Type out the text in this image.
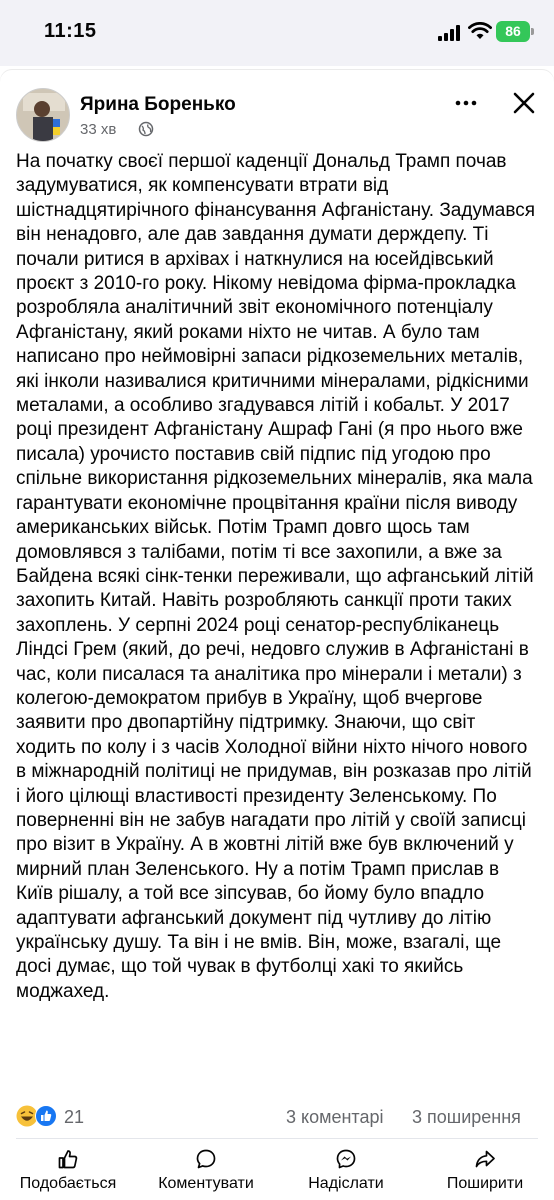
11:15	86
Ярина Боренько
33 хв

На початку своєї першої каденції Дональд Трамп почав задумуватися, як компенсувати втрати від шістнадцятирічного фінансування Афганістану. Задумався він ненадовго, але дав завдання думати держдепу. Ті почали ритися в архівах і наткнулися на юсейдівський проєкт з 2010-го року. Нікому невідома фірма-прокладка розробляла аналітичний звіт економічного потенціалу Афганістану, який роками ніхто не читав. А було там написано про неймовірні запаси рідкоземельних металів, які інколи називалися критичними мінералами, рідкісними металами, а особливо згадувався літій і кобальт. У 2017 році президент Афганістану Ашраф Гані (я про нього вже писала) урочисто поставив свій підпис під угодою про спільне використання рідкоземельних мінералів, яка мала гарантувати економічне процвітання країни після виводу американських військ. Потім Трамп довго щось там домовлявся з талібами, потім ті все захопили, а вже за Байдена всякі сінк-тенки переживали, що афганський літій захопить Китай. Навіть розробляють санкції проти таких захоплень. У серпні 2024 році сенатор-республіканець Ліндсі Грем (який, до речі, недовго служив в Афганістані в час, коли писалася та аналітика про мінерали і метали) з колегою-демократом прибув в Україну, щоб вчергове заявити про двопартійну підтримку. Знаючи, що світ ходить по колу і з часів Холодної війни ніхто нічого нового в міжнародній політиці не придумав, він розказав про літій і його цілющі властивості президенту Зеленському. По поверненні він не забув нагадати про літій у своїй записці про візит в Україну. А в жовтні літій вже був включений у мирний план Зеленського. Ну а потім Трамп прислав в Київ рішалу, а той все зіпсував, бо йому було впадло адаптувати афганський документ під чутливу до літію українську душу. Та він і не вмів. Він, може, взагалі, ще досі думає, що той чувак в футболці хакі то якийсь моджахед.

21	3 коментарі 3 поширення
Подобається	Коментувати	Надіслати	Поширити
